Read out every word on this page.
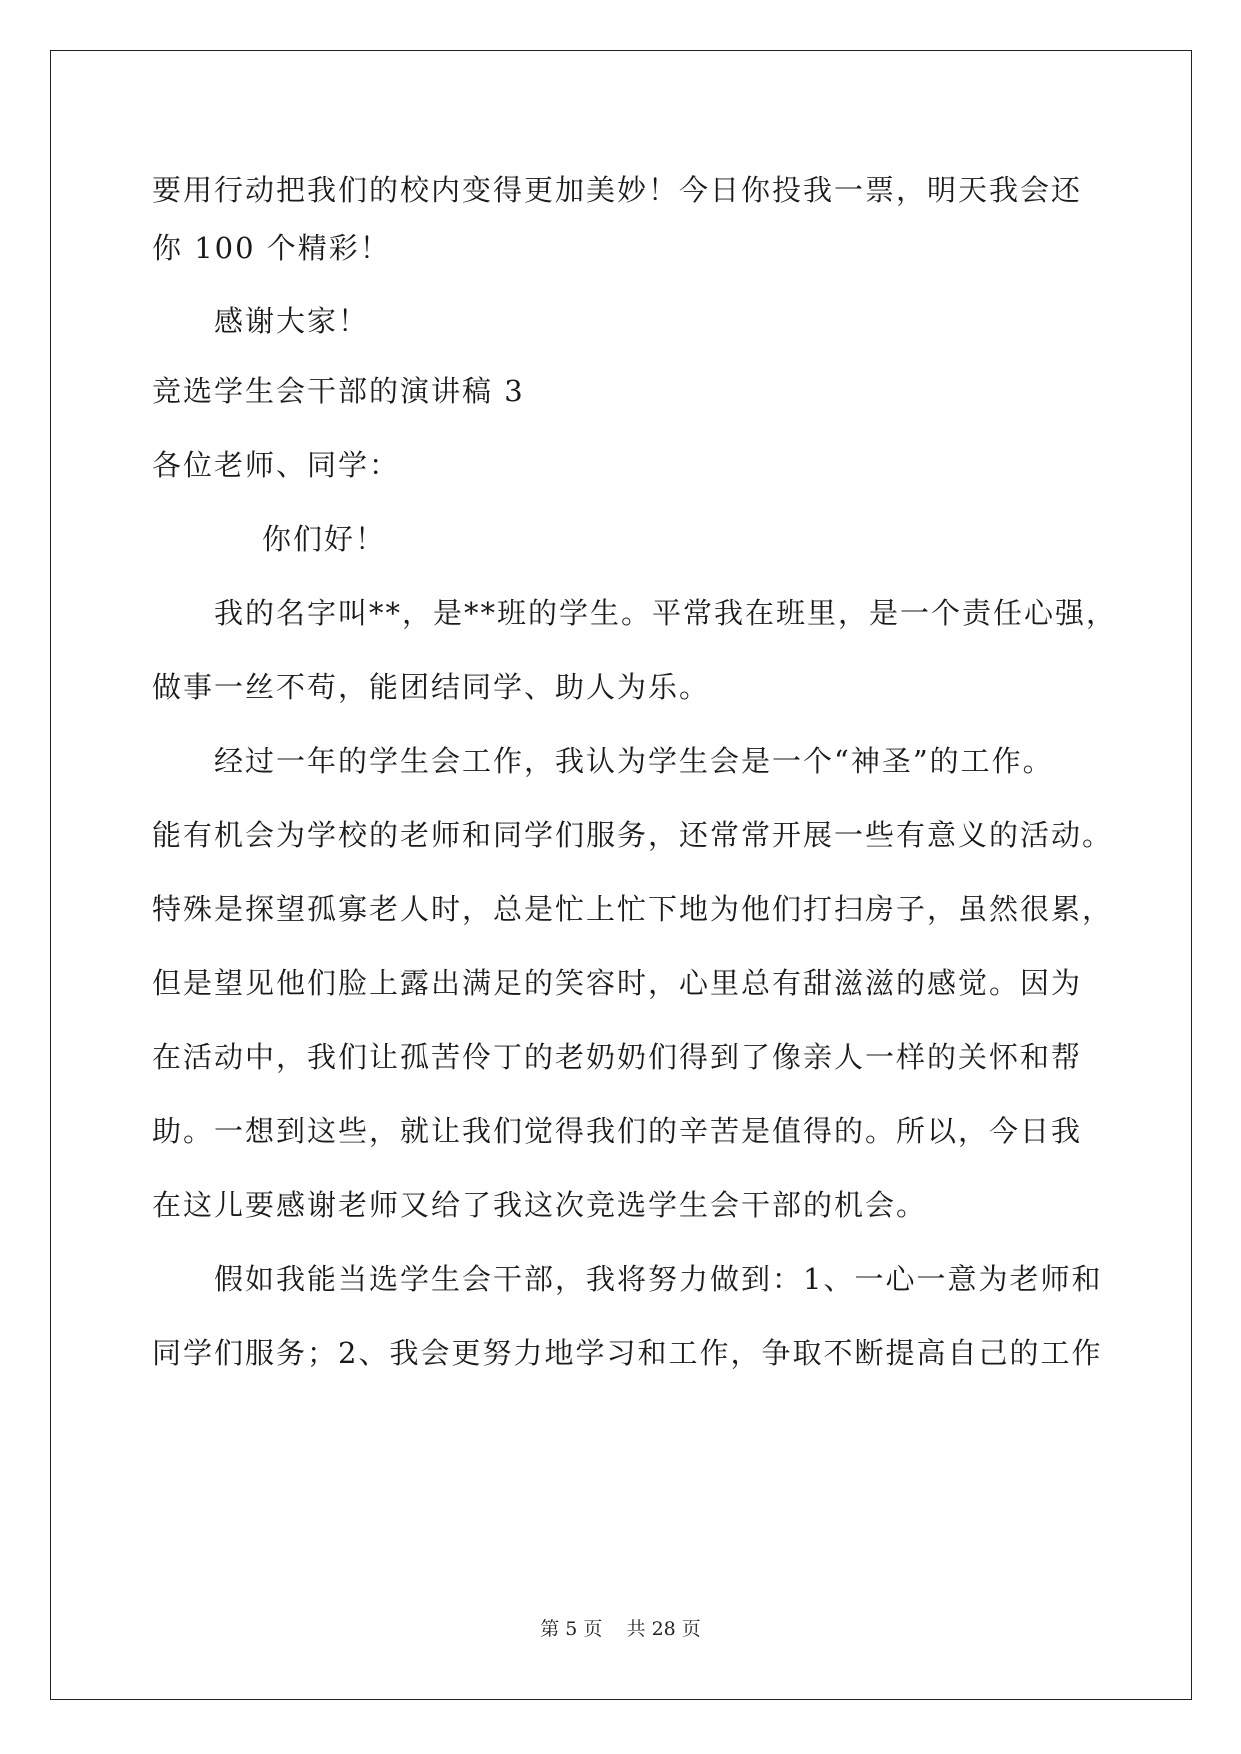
要用行动把我们的校内变得更加美妙！今日你投我一票，明天我会还
你 100 个精彩！
感谢大家！
竞选学生会干部的演讲稿 3
各位老师、同学：
你们好！
我的名字叫**，是**班的学生。平常我在班里，是一个责任心强，
做事一丝不苟，能团结同学、助人为乐。
经过一年的学生会工作，我认为学生会是一个“神圣”的工作。
能有机会为学校的老师和同学们服务，还常常开展一些有意义的活动。
特殊是探望孤寡老人时，总是忙上忙下地为他们打扫房子，虽然很累，
但是望见他们脸上露出满足的笑容时，心里总有甜滋滋的感觉。因为
在活动中，我们让孤苦伶丁的老奶奶们得到了像亲人一样的关怀和帮
助。一想到这些，就让我们觉得我们的辛苦是值得的。所以，今日我
在这儿要感谢老师又给了我这次竞选学生会干部的机会。
假如我能当选学生会干部，我将努力做到：1、一心一意为老师和
同学们服务；2、我会更努力地学习和工作，争取不断提高自己的工作
第 5 页    共 28 页
